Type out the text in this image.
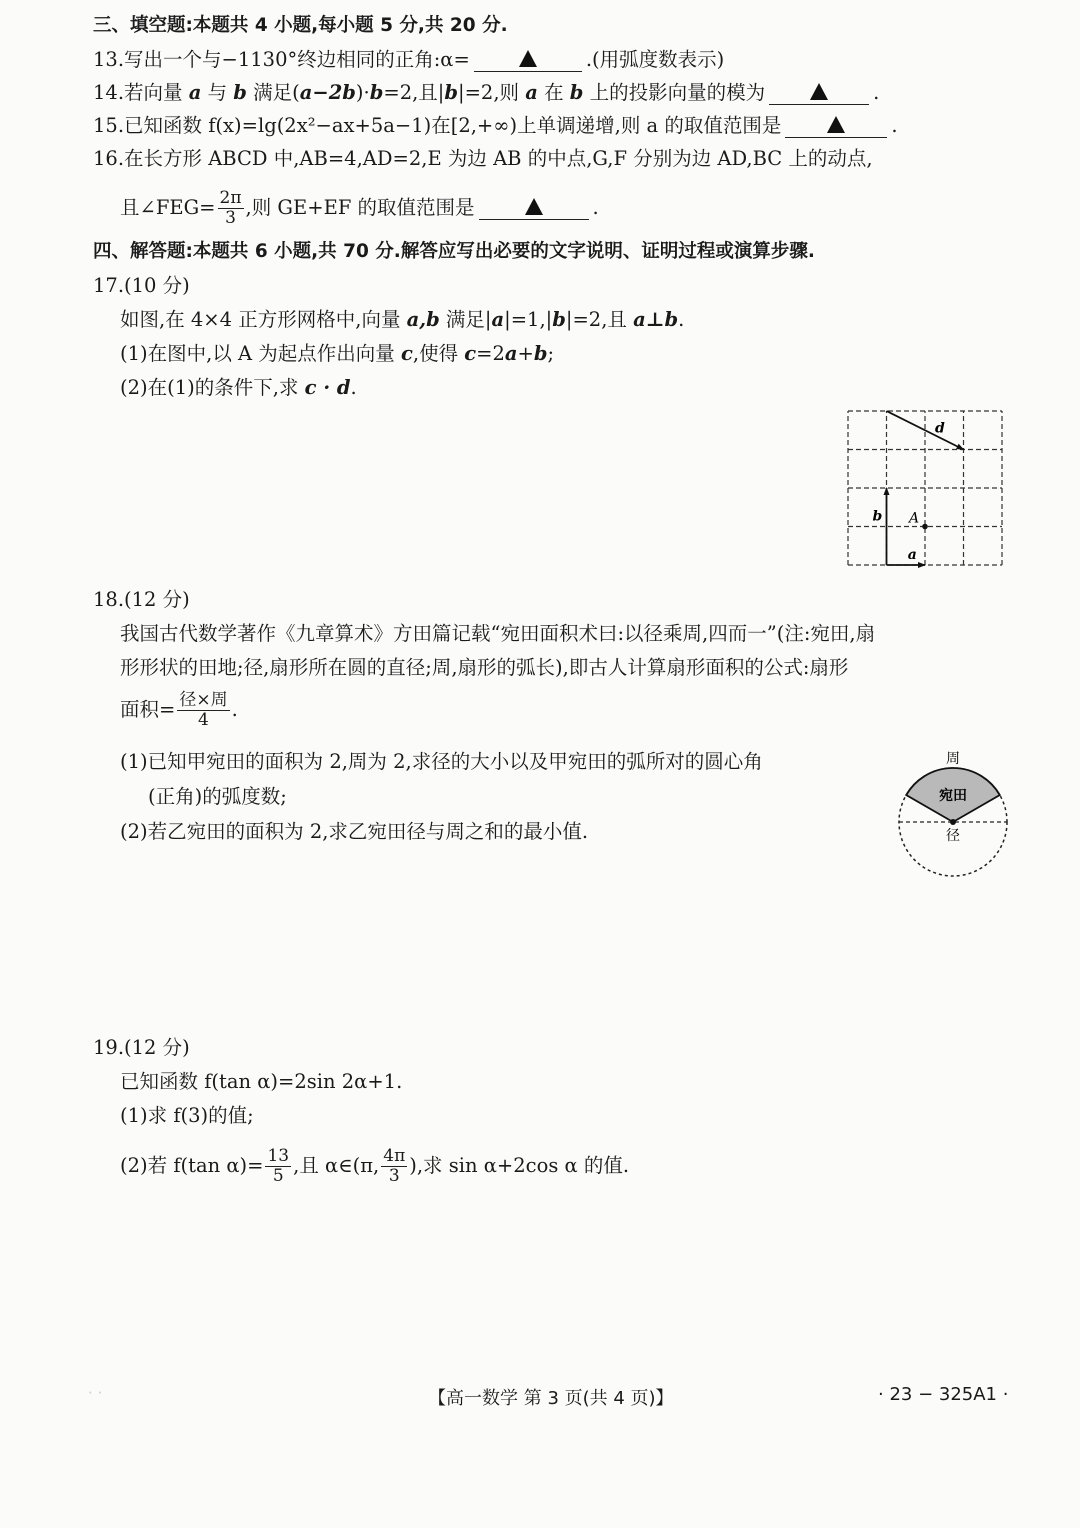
三、填空题:本题共 4 小题,每小题 5 分,共 20 分.
13.写出一个与−1130°终边相同的正角:α=	.(用弧度数表示)
14.若向量 a 与 b 满足(a−2b)·b=2,且|b|=2,则 a 在 b 上的投影向量的模为	.
15.已知函数 f(x)=lg(2x²−ax+5a−1)在[2,+∞)上单调递增,则 a 的取值范围是	.
16.在长方形 ABCD 中,AB=4,AD=2,E 为边 AB 的中点,G,F 分别为边 AD,BC 上的动点,
且∠FEG= $\frac{2\pi}{3}$ ,则 GE+EF 的取值范围是	.
四、解答题:本题共 6 小题,共 70 分.解答应写出必要的文字说明、证明过程或演算步骤.
17.(10 分)
如图,在 4×4 正方形网格中,向量 a,b 满足|a|=1,|b|=2,且 a⊥b.
(1)在图中,以 A 为起点作出向量 c,使得 c=2a+b;
(2)在(1)的条件下,求 c · d.
a
b
d
A
18.(12 分)
我国古代数学著作《九章算术》方田篇记载“宛田面积术曰:以径乘周,四而一”(注:宛田,扇
形形状的田地;径,扇形所在圆的直径;周,扇形的弧长),即古人计算扇形面积的公式:扇形
面积= $\frac{\text{径×周}}{4}$ .
(1)已知甲宛田的面积为 2,周为 2,求径的大小以及甲宛田的弧所对的圆心角
(正角)的弧度数;
(2)若乙宛田的面积为 2,求乙宛田径与周之和的最小值.
周
宛田
径
19.(12 分)
已知函数 f(tan α)=2sin 2α+1.
(1)求 f(3)的值;
(2)若 f(tan $\alpha)= \frac{13}{5}$ ,且 α∈(π, $\frac{4\pi}{3}$ ),求 sin α+2cos α 的值.
· ·	【高一数学 第 3 页(共 4 页)】	· 23 − 325A1 ·
